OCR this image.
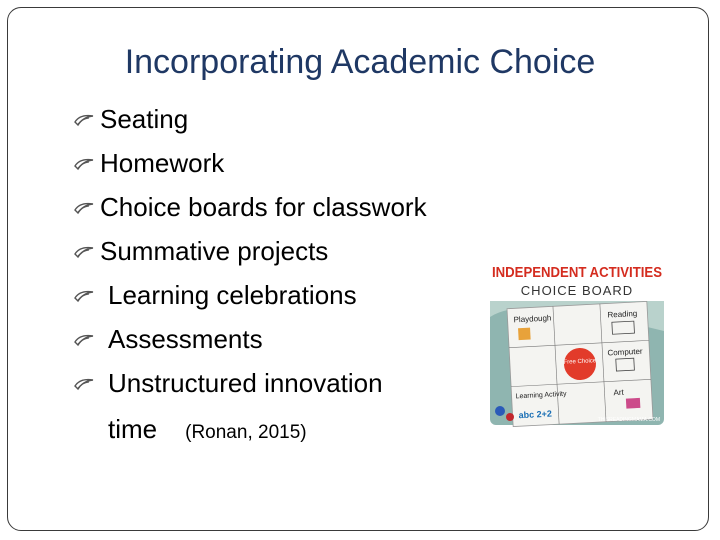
Incorporating Academic Choice
Seating
Homework
Choice boards for classwork
Summative projects
Learning celebrations
Assessments
Unstructured innovation
time (Ronan, 2015)
INDEPENDENT ACTIVITIES
CHOICE BOARD
Playdough	Reading
Free Choice
Computer
Learning Activity
abc 2+2
Art
THISREADINGMAMA.COM
